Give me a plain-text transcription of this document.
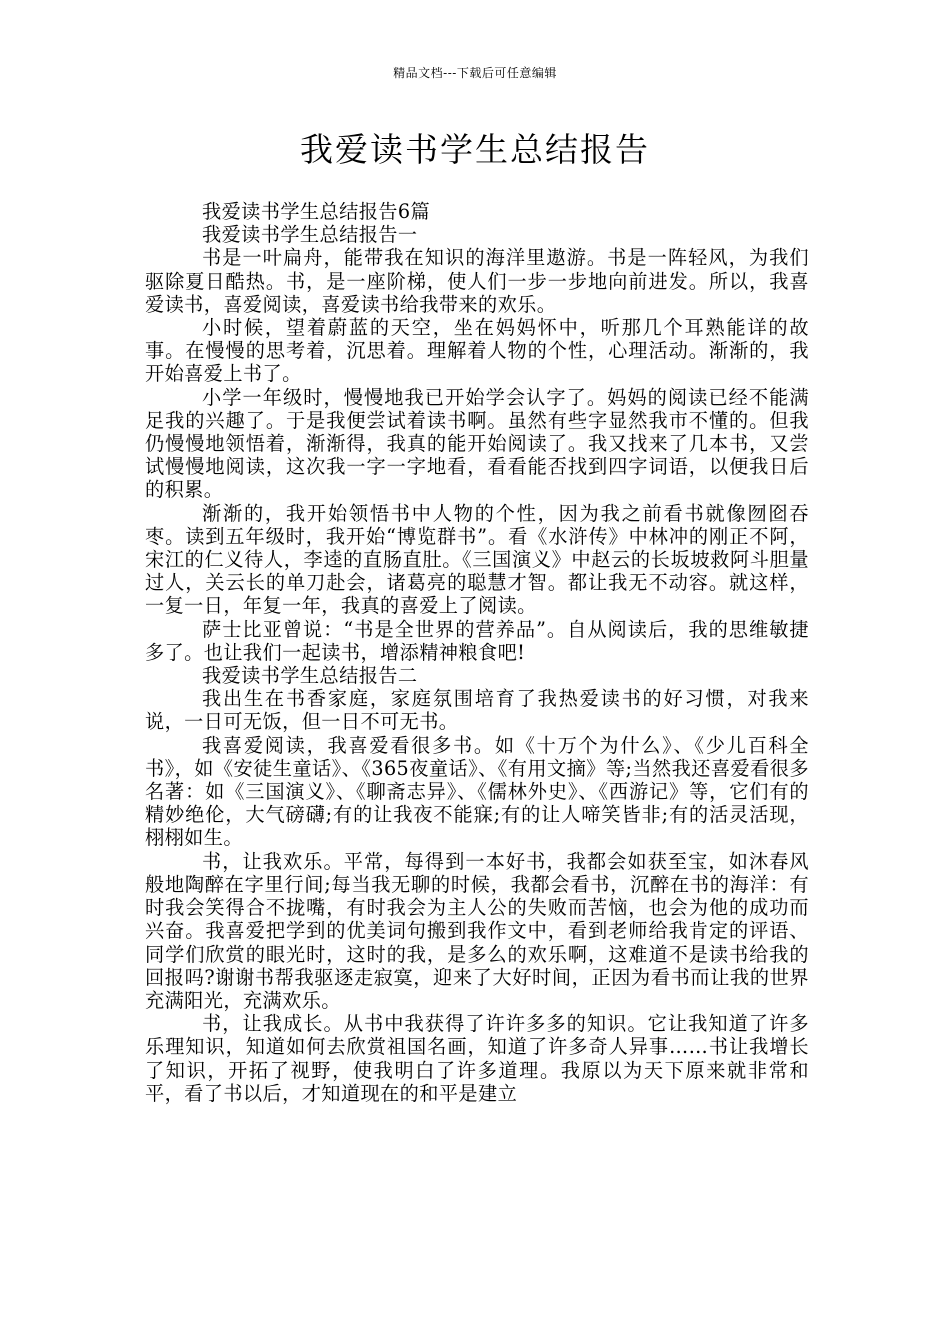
精品文档---下载后可任意编辑
我爱读书学生总结报告

我爱读书学生总结报告6篇

我爱读书学生总结报告一

书是一叶扁舟，能带我在知识的海洋里遨游。书是一阵轻风，为我们驱除夏日酷热。书，是一座阶梯，使人们一步一步地向前进发。所以，我喜爱读书，喜爱阅读，喜爱读书给我带来的欢乐。

小时候，望着蔚蓝的天空，坐在妈妈怀中，听那几个耳熟能详的故事。在慢慢的思考着，沉思着。理解着人物的个性，心理活动。渐渐的，我开始喜爱上书了。

小学一年级时，慢慢地我已开始学会认字了。妈妈的阅读已经不能满足我的兴趣了。于是我便尝试着读书啊。虽然有些字显然我市不懂的。但我仍慢慢地领悟着，渐渐得，我真的能开始阅读了。我又找来了几本书，又尝试慢慢地阅读，这次我一字一字地看，看看能否找到四字词语，以便我日后的积累。

渐渐的，我开始领悟书中人物的个性，因为我之前看书就像囫囵吞枣。读到五年级时，我开始“博览群书”。看《水浒传》中林冲的刚正不阿，宋江的仁义待人，李逵的直肠直肚。《三国演义》中赵云的长坂坡救阿斗胆量过人，关云长的单刀赴会，诸葛亮的聪慧才智。都让我无不动容。就这样，一复一日，年复一年，我真的喜爱上了阅读。

萨士比亚曾说：“书是全世界的营养品”。自从阅读后，我的思维敏捷多了。也让我们一起读书，增添精神粮食吧!

我爱读书学生总结报告二

我出生在书香家庭，家庭氛围培育了我热爱读书的好习惯，对我来说，一日可无饭，但一日不可无书。

我喜爱阅读，我喜爱看很多书。如《十万个为什么》、《少儿百科全书》，如《安徒生童话》、《365夜童话》、《有用文摘》等;当然我还喜爱看很多名著：如《三国演义》、《聊斋志异》、《儒林外史》、《西游记》等，它们有的精妙绝伦，大气磅礴;有的让我夜不能寐;有的让人啼笑皆非;有的活灵活现，栩栩如生。

书，让我欢乐。平常，每得到一本好书，我都会如获至宝，如沐春风般地陶醉在字里行间;每当我无聊的时候，我都会看书，沉醉在书的海洋：有时我会笑得合不拢嘴，有时我会为主人公的失败而苦恼，也会为他的成功而兴奋。我喜爱把学到的优美词句搬到我作文中，看到老师给我肯定的评语、同学们欣赏的眼光时，这时的我，是多么的欢乐啊，这难道不是读书给我的回报吗?谢谢书帮我驱逐走寂寞，迎来了大好时间，正因为看书而让我的世界充满阳光，充满欢乐。

书，让我成长。从书中我获得了许许多多的知识。它让我知道了许多乐理知识，知道如何去欣赏祖国名画，知道了许多奇人异事……书让我增长了知识，开拓了视野，使我明白了许多道理。我原以为天下原来就非常和平，看了书以后，才知道现在的和平是建立
